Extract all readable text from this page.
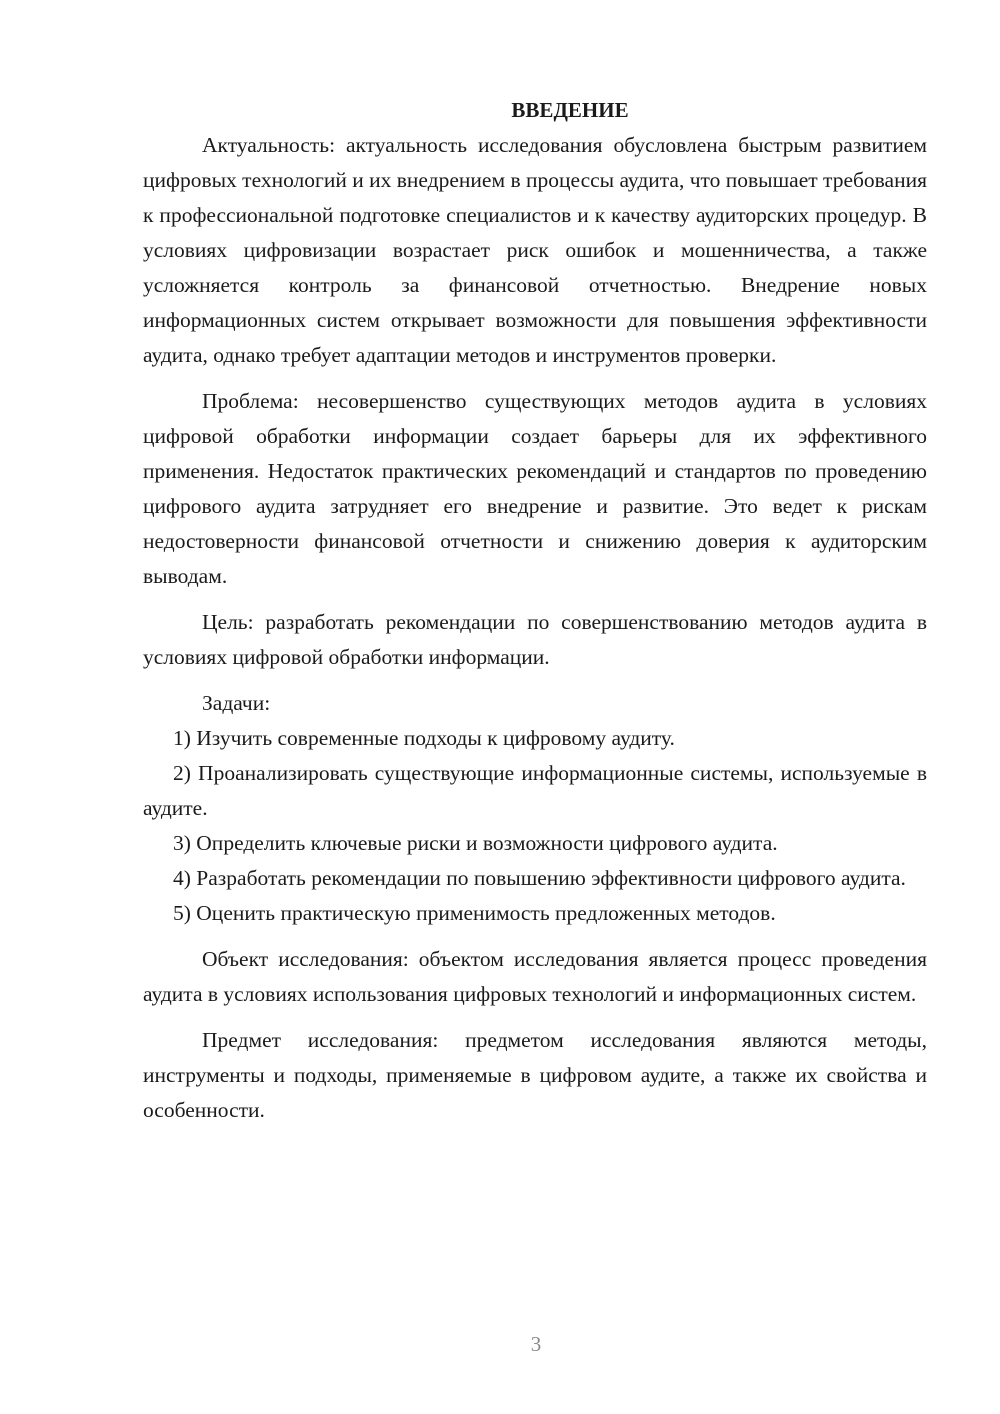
ВВЕДЕНИЕ

Актуальность: актуальность исследования обусловлена быстрым развитием цифровых технологий и их внедрением в процессы аудита, что повышает требования к профессиональной подготовке специалистов и к качеству аудиторских процедур. В условиях цифровизации возрастает риск ошибок и мошенничества, а также усложняется контроль за финансовой отчетностью. Внедрение новых информационных систем открывает возможности для повышения эффективности аудита, однако требует адаптации методов и инструментов проверки.

Проблема: несовершенство существующих методов аудита в условиях цифровой обработки информации создает барьеры для их эффективного применения. Недостаток практических рекомендаций и стандартов по проведению цифрового аудита затрудняет его внедрение и развитие. Это ведет к рискам недостоверности финансовой отчетности и снижению доверия к аудиторским выводам.

Цель: разработать рекомендации по совершенствованию методов аудита в условиях цифровой обработки информации.

Задачи:

1) Изучить современные подходы к цифровому аудиту.

2) Проанализировать существующие информационные системы, используемые в аудите.

3) Определить ключевые риски и возможности цифрового аудита.

4) Разработать рекомендации по повышению эффективности цифрового аудита.

5) Оценить практическую применимость предложенных методов.

Объект исследования: объектом исследования является процесс проведения аудита в условиях использования цифровых технологий и информационных систем.

Предмет исследования: предметом исследования являются методы, инструменты и подходы, применяемые в цифровом аудите, а также их свойства и особенности.

3
